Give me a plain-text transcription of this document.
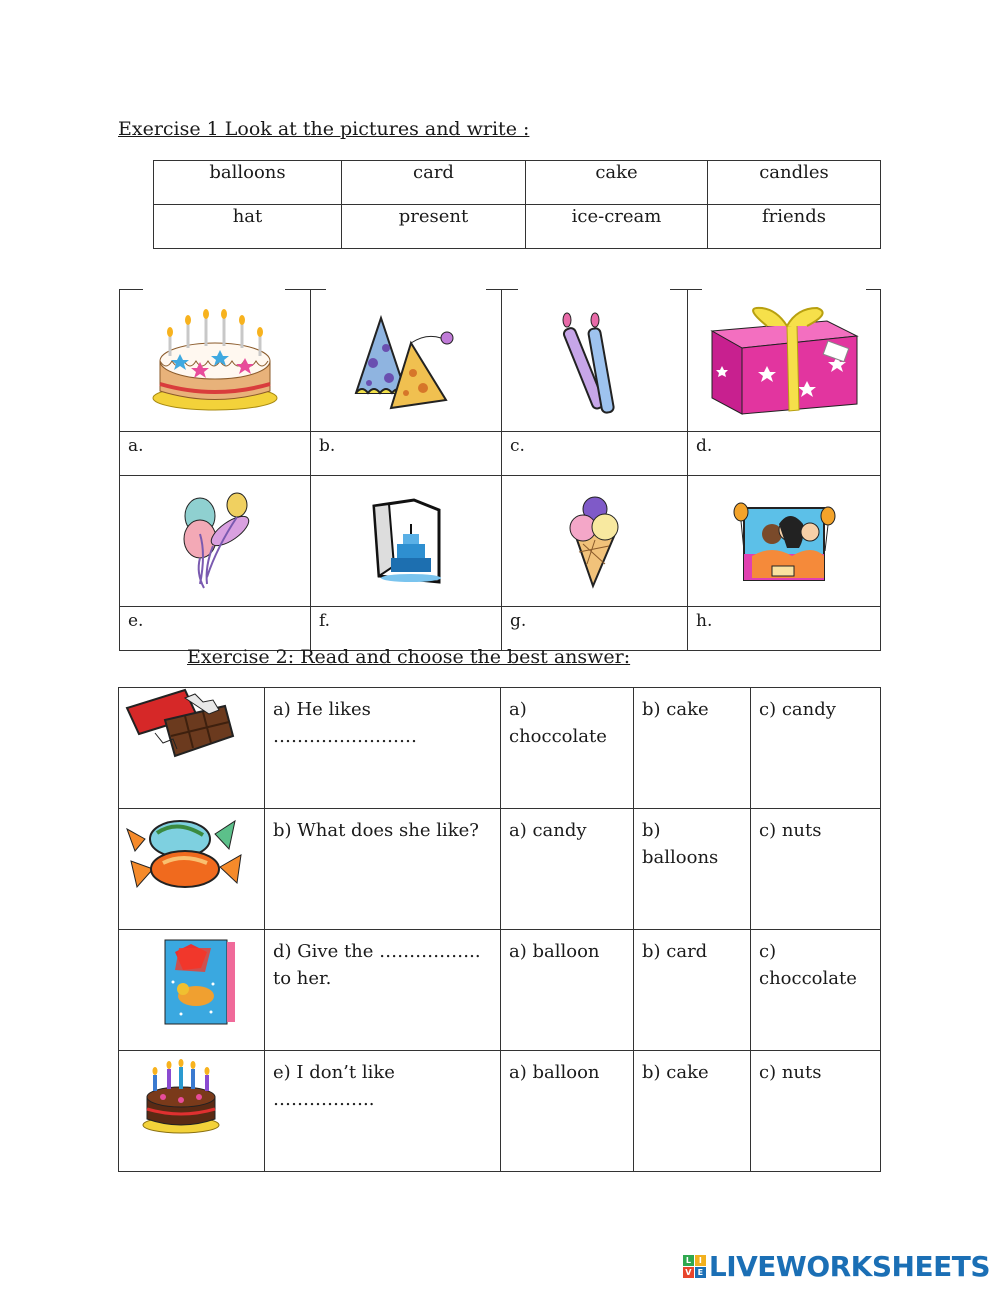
Exercise 1 Look at the pictures and write :
balloons	card	cake	candles
hat	present	ice-cream	friends

a.	b.	c.	d.

e.	f.	g.	h.
Exercise 2: Read and choose the best answer:
	a) He likes ……………………	a) choccolate	b) cake	c) candy
	b) What does she like?	a) candy	b) balloons	c) nuts
	d) Give the …………….. to her.	a) balloon	b) card	c) choccolate
	e) I don’t like ……………..	a) balloon	b) cake	c) nuts
L I
V E LIVEWORKSHEETS
